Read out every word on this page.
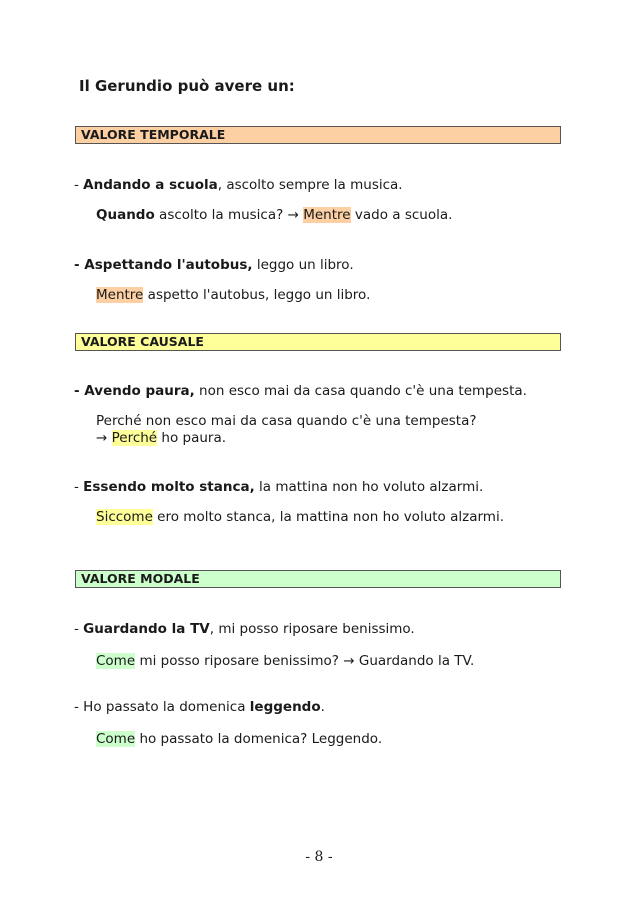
Il Gerundio può avere un:
VALORE TEMPORALE
- Andando a scuola, ascolto sempre la musica.
Quando ascolto la musica? → Mentre vado a scuola.
- Aspettando l'autobus, leggo un libro.
Mentre aspetto l'autobus, leggo un libro.
VALORE CAUSALE
- Avendo paura, non esco mai da casa quando c'è una tempesta.
Perché non esco mai da casa quando c'è una tempesta?
→ Perché ho paura.
- Essendo molto stanca, la mattina non ho voluto alzarmi.
Siccome ero molto stanca, la mattina non ho voluto alzarmi.
VALORE MODALE
- Guardando la TV, mi posso riposare benissimo.
Come mi posso riposare benissimo? → Guardando la TV.
- Ho passato la domenica leggendo.
Come ho passato la domenica? Leggendo.
- 8 -
